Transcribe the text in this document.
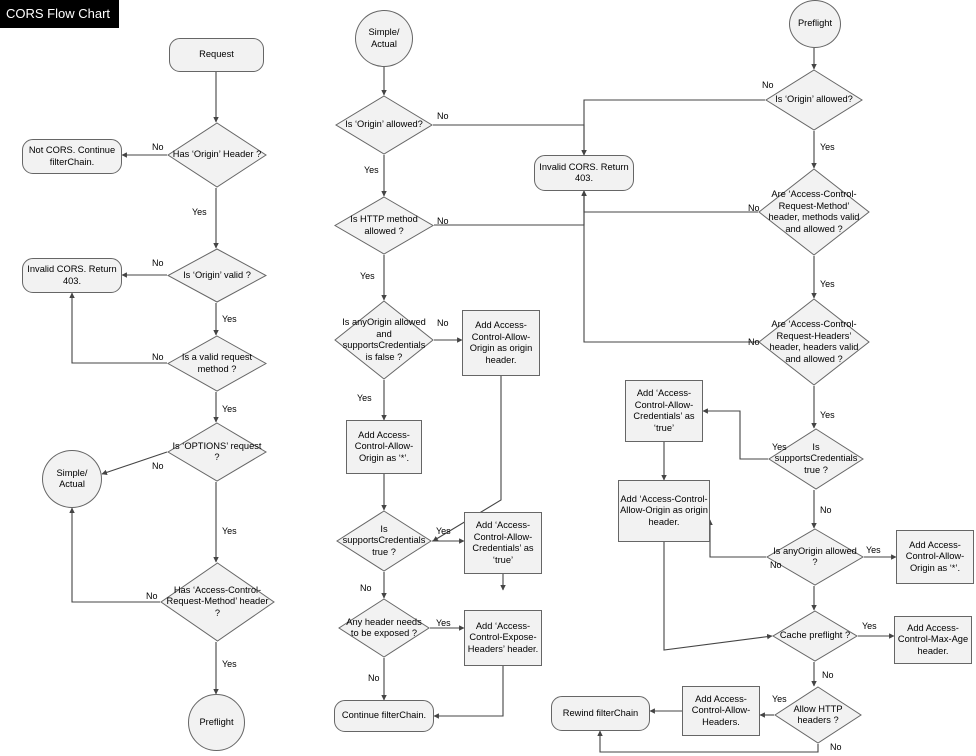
CORS Flow Chart
Request
Has ‘Origin’ Header ?
Not CORS. Continue filterChain.
Is ‘Origin’ valid ?
Invalid CORS. Return 403.
Is a valid request method ?
Is ‘OPTIONS’ request ?
Simple/ Actual
Has ‘Access-Control-Request-Method’ header ?
Preflight
Simple/ Actual
Is ‘Origin’ allowed?
Invalid CORS. Return 403.
Is HTTP method allowed ?
Is anyOrigin allowed and supportsCredentials is false ?
Add Access-Control-Allow-Origin as origin header.
Add Access-Control-Allow-Origin as ‘*’.
Is supportsCredentials true ?
Add ‘Access-Control-Allow-Credentials’ as ‘true’
Any header needs to be exposed ?
Add ‘Access-Control-Expose-Headers’ header.
Continue filterChain.
Preflight
Is ‘Origin’ allowed?
Are ‘Access-Control-Request-Method’ header, methods valid and allowed ?
Are ‘Access-Control-Request-Headers’ header, headers valid and allowed ?
Add ‘Access-Control-Allow-Credentials’ as ‘true’
Is supportsCredentials true ?
Add ‘Access-Control-Allow-Origin as origin header.
Is anyOrigin allowed ?
Add Access-Control-Allow-Origin as ‘*’.
Cache preflight ?
Add Access-Control-Max-Age header.
Allow HTTP headers ?
Add Access-Control-Allow-Headers.
Rewind filterChain
No
Yes
No
Yes
No
Yes
No
Yes
No
Yes
No
Yes
No
Yes
No
Yes
Yes
No
Yes
No
No
Yes
No
Yes
No
Yes
Yes
No
No
Yes
Yes
No
Yes
No
